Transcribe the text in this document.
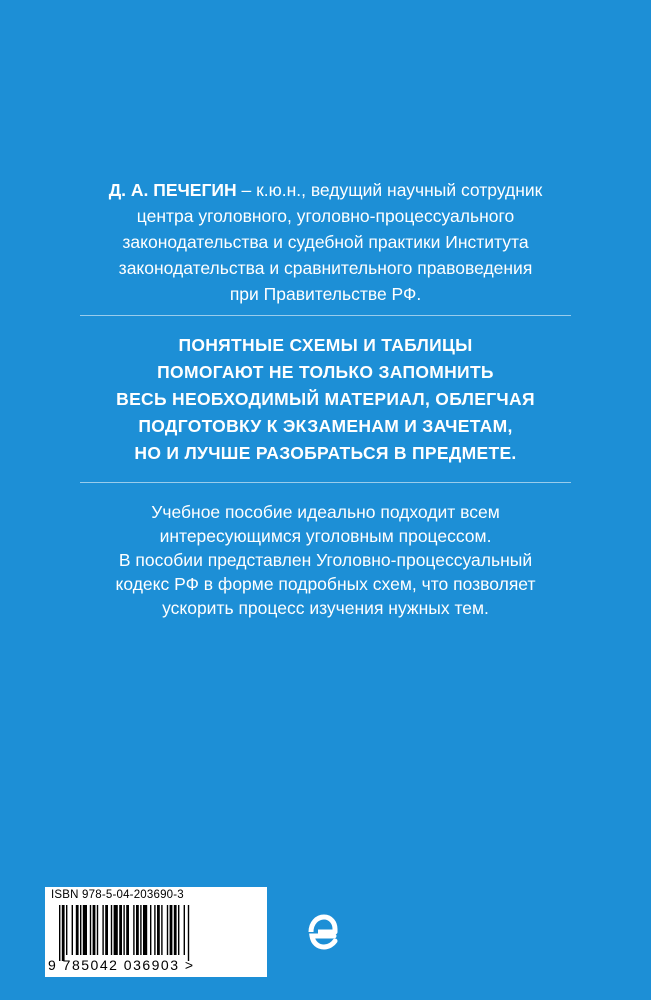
Д. А. ПЕЧЕГИН – к.ю.н., ведущий научный сотрудник
центра уголовного, уголовно-процессуального
законодательства и судебной практики Института
законодательства и сравнительного правоведения
при Правительстве РФ.
ПОНЯТНЫЕ СХЕМЫ И ТАБЛИЦЫ
ПОМОГАЮТ НЕ ТОЛЬКО ЗАПОМНИТЬ
ВЕСЬ НЕОБХОДИМЫЙ МАТЕРИАЛ, ОБЛЕГЧАЯ
ПОДГОТОВКУ К ЭКЗАМЕНАМ И ЗАЧЕТАМ,
НО И ЛУЧШЕ РАЗОБРАТЬСЯ В ПРЕДМЕТЕ.
Учебное пособие идеально подходит всем
интересующимся уголовным процессом.
В пособии представлен Уголовно-процессуальный
кодекс РФ в форме подробных схем, что позволяет
ускорить процесс изучения нужных тем.
ISBN 978-5-04-203690-3
9 785042 036903 >
